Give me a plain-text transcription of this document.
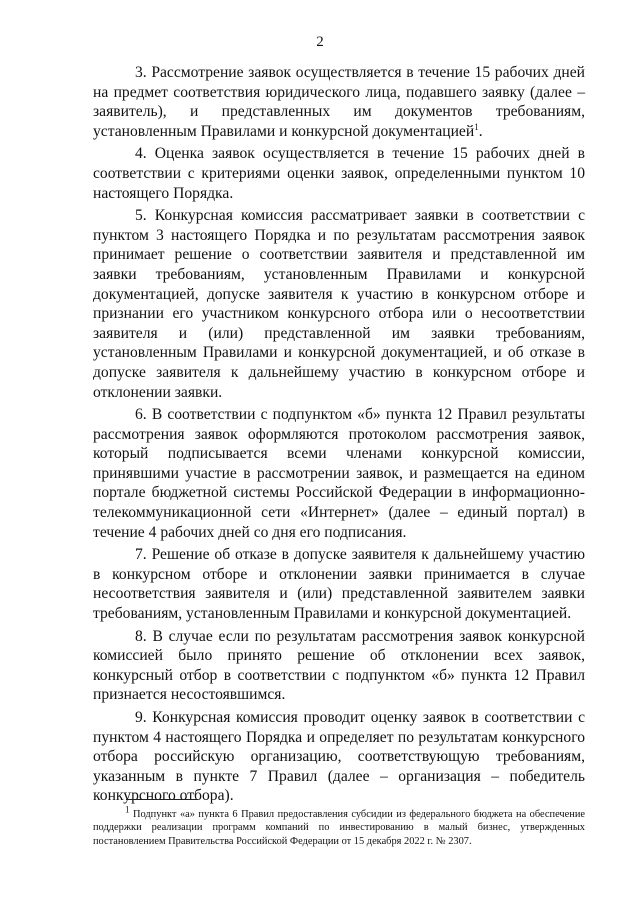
2

3. Рассмотрение заявок осуществляется в течение 15 рабочих дней на предмет соответствия юридического лица, подавшего заявку (далее – заявитель), и представленных им документов требованиям, установленным Правилами и конкурсной документацией$^1$.

4. Оценка заявок осуществляется в течение 15 рабочих дней в соответствии с критериями оценки заявок, определенными пунктом 10 настоящего Порядка.

5. Конкурсная комиссия рассматривает заявки в соответствии с пунктом 3 настоящего Порядка и по результатам рассмотрения заявок принимает решение о соответствии заявителя и представленной им заявки требованиям, установленным Правилами и конкурсной документацией, допуске заявителя к участию в конкурсном отборе и признании его участником конкурсного отбора или о несоответствии заявителя и (или) представленной им заявки требованиям, установленным Правилами и конкурсной документацией, и об отказе в допуске заявителя к дальнейшему участию в конкурсном отборе и отклонении заявки.

6. В соответствии с подпунктом «б» пункта 12 Правил результаты рассмотрения заявок оформляются протоколом рассмотрения заявок, который подписывается всеми членами конкурсной комиссии, принявшими участие в рассмотрении заявок, и размещается на едином портале бюджетной системы Российской Федерации в информационно-телекоммуникационной сети «Интернет» (далее – единый портал) в течение 4 рабочих дней со дня его подписания.

7. Решение об отказе в допуске заявителя к дальнейшему участию в конкурсном отборе и отклонении заявки принимается в случае несоответствия заявителя и (или) представленной заявителем заявки требованиям, установленным Правилами и конкурсной документацией.

8. В случае если по результатам рассмотрения заявок конкурсной комиссией было принято решение об отклонении всех заявок, конкурсный отбор в соответствии с подпунктом «б» пункта 12 Правил признается несостоявшимся.

9. Конкурсная комиссия проводит оценку заявок в соответствии с пунктом 4 настоящего Порядка и определяет по результатам конкурсного отбора российскую организацию, соответствующую требованиям, указанным в пункте 7 Правил (далее – организация – победитель конкурсного отбора).

$^1$ Подпункт «а» пункта 6 Правил предоставления субсидии из федерального бюджета на обеспечение поддержки реализации программ компаний по инвестированию в малый бизнес, утвержденных постановлением Правительства Российской Федерации от 15 декабря 2022 г. № 2307.
